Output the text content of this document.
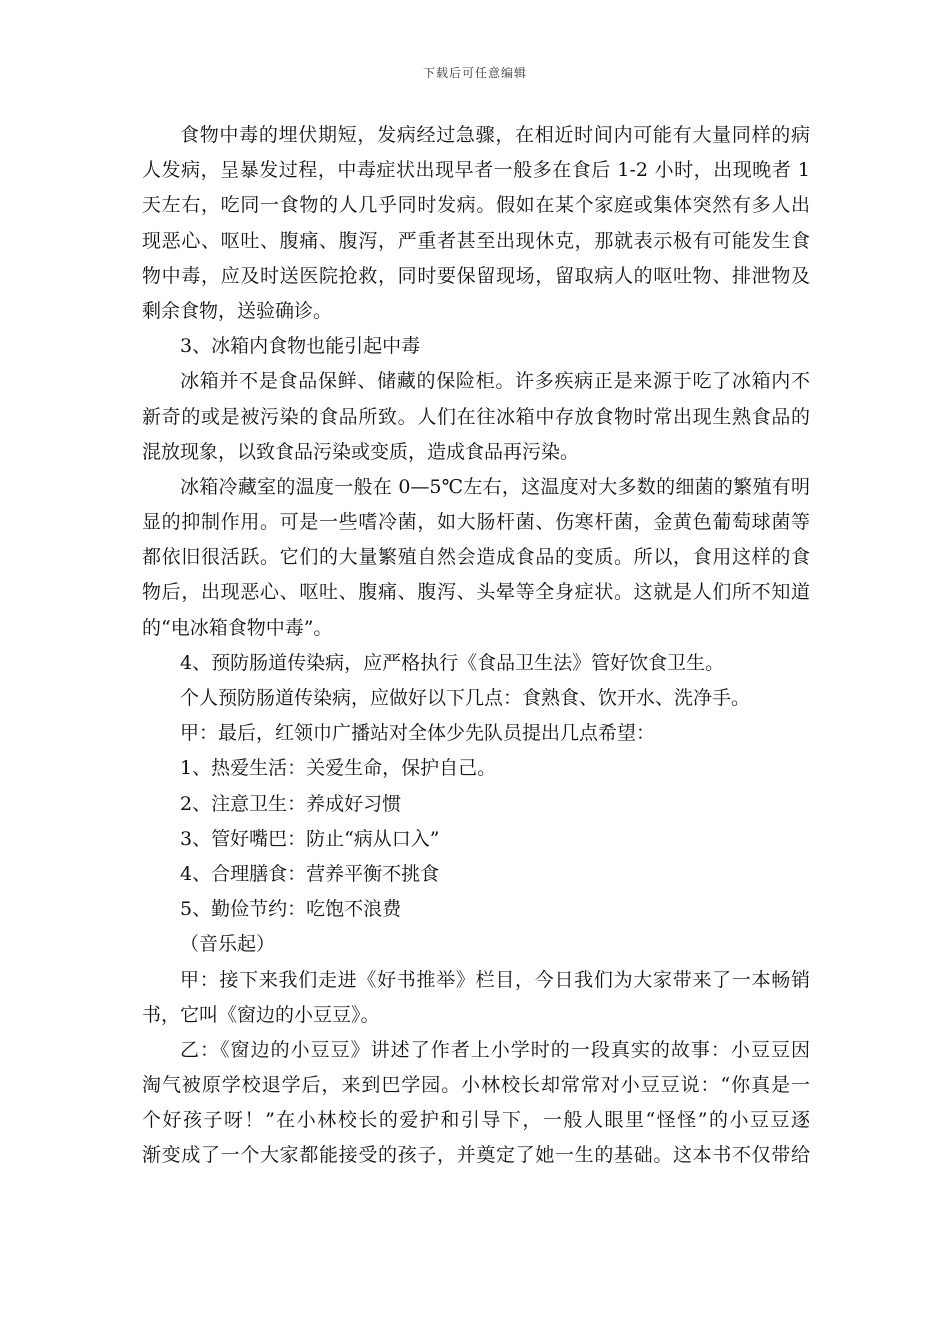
下载后可任意编辑
食物中毒的埋伏期短，发病经过急骤，在相近时间内可能有大量同样的病
人发病，呈暴发过程，中毒症状出现早者一般多在食后 1-2 小时，出现晚者 1
天左右，吃同一食物的人几乎同时发病。假如在某个家庭或集体突然有多人出
现恶心、呕吐、腹痛、腹泻，严重者甚至出现休克，那就表示极有可能发生食
物中毒，应及时送医院抢救，同时要保留现场，留取病人的呕吐物、排泄物及
剩余食物，送验确诊。
3、冰箱内食物也能引起中毒
冰箱并不是食品保鲜、储藏的保险柜。许多疾病正是来源于吃了冰箱内不
新奇的或是被污染的食品所致。人们在往冰箱中存放食物时常出现生熟食品的
混放现象，以致食品污染或变质，造成食品再污染。
冰箱冷藏室的温度一般在 0—5℃左右，这温度对大多数的细菌的繁殖有明
显的抑制作用。可是一些嗜冷菌，如大肠杆菌、伤寒杆菌，金黄色葡萄球菌等
都依旧很活跃。它们的大量繁殖自然会造成食品的变质。所以，食用这样的食
物后，出现恶心、呕吐、腹痛、腹泻、头晕等全身症状。这就是人们所不知道
的“电冰箱食物中毒”。
4、预防肠道传染病，应严格执行《食品卫生法》管好饮食卫生。
个人预防肠道传染病，应做好以下几点：食熟食、饮开水、洗净手。
甲：最后，红领巾广播站对全体少先队员提出几点希望：
1、热爱生活：关爱生命，保护自己。
2、注意卫生：养成好习惯
3、管好嘴巴：防止“病从口入”
4、合理膳食：营养平衡不挑食
5、勤俭节约：吃饱不浪费
（音乐起）
甲：接下来我们走进《好书推举》栏目，今日我们为大家带来了一本畅销
书，它叫《窗边的小豆豆》。
乙：《窗边的小豆豆》讲述了作者上小学时的一段真实的故事：小豆豆因
淘气被原学校退学后，来到巴学园。小林校长却常常对小豆豆说：“你真是一
个好孩子呀！”在小林校长的爱护和引导下，一般人眼里“怪怪”的小豆豆逐
渐变成了一个大家都能接受的孩子，并奠定了她一生的基础。这本书不仅带给
